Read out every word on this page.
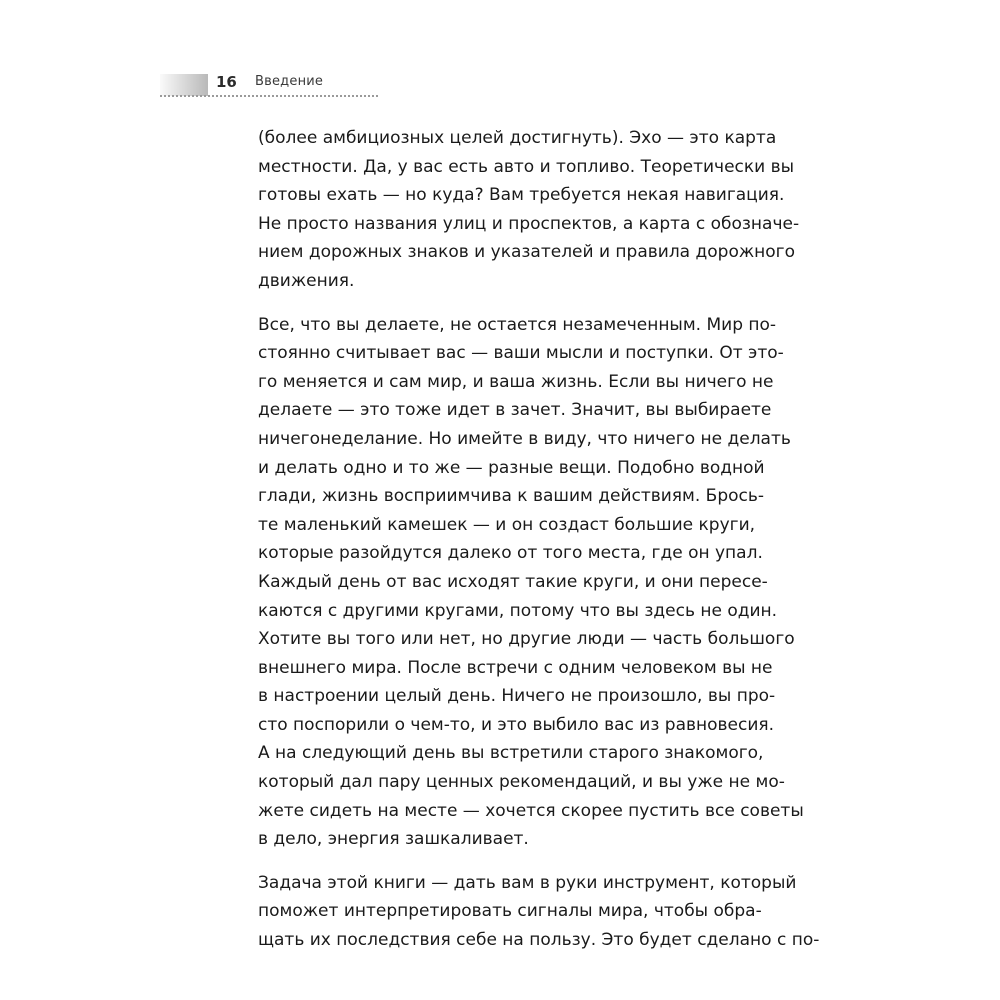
16 Введение
(более амбициозных целей достигнуть). Эхо — это карта
местности. Да, у вас есть авто и топливо. Теоретически вы
готовы ехать — но куда? Вам требуется некая навигация.
Не просто названия улиц и проспектов, а карта с обозначе-
нием дорожных знаков и указателей и правила дорожного
движения.
Все, что вы делаете, не остается незамеченным. Мир по-
стоянно считывает вас — ваши мысли и поступки. От это-
го меняется и сам мир, и ваша жизнь. Если вы ничего не
делаете — это тоже идет в зачет. Значит, вы выбираете
ничегонеделание. Но имейте в виду, что ничего не делать
и делать одно и то же — разные вещи. Подобно водной
глади, жизнь восприимчива к вашим действиям. Брось-
те маленький камешек — и он создаст большие круги,
которые разойдутся далеко от того места, где он упал.
Каждый день от вас исходят такие круги, и они пересе-
каются с другими кругами, потому что вы здесь не один.
Хотите вы того или нет, но другие люди — часть большого
внешнего мира. После встречи с одним человеком вы не
в настроении целый день. Ничего не произошло, вы про-
сто поспорили о чем-то, и это выбило вас из равновесия.
А на следующий день вы встретили старого знакомого,
который дал пару ценных рекомендаций, и вы уже не мо-
жете сидеть на месте — хочется скорее пустить все советы
в дело, энергия зашкаливает.
Задача этой книги — дать вам в руки инструмент, который
поможет интерпретировать сигналы мира, чтобы обра-
щать их последствия себе на пользу. Это будет сделано с по-
